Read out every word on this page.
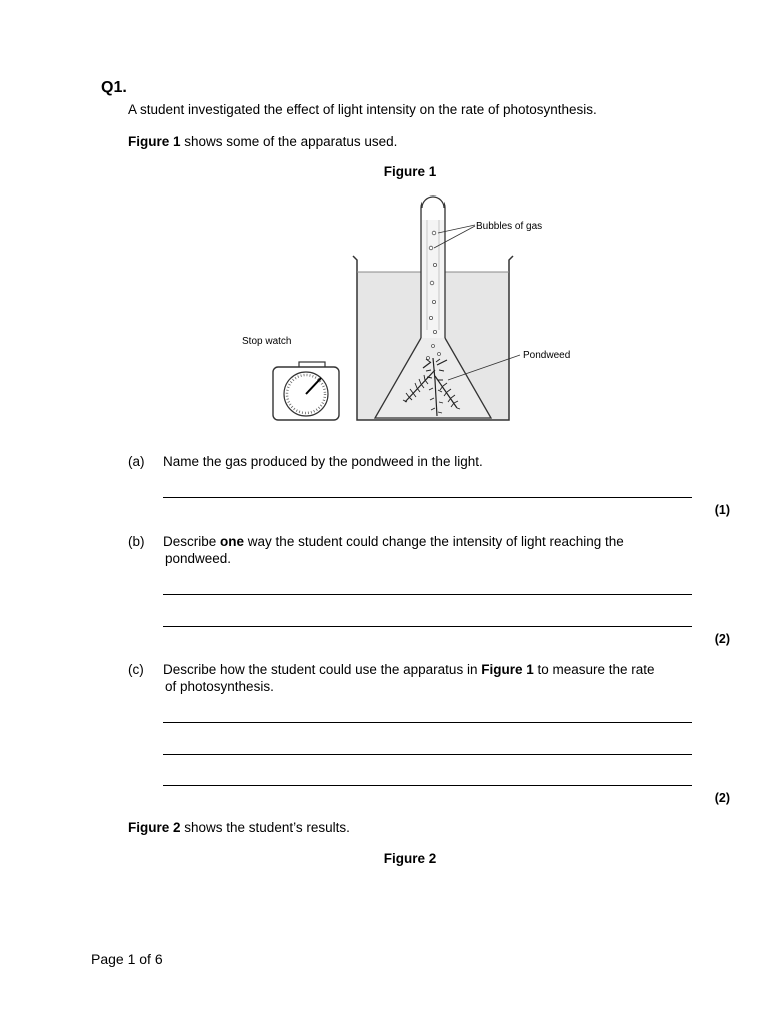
Q1.
A student investigated the effect of light intensity on the rate of photosynthesis.
Figure 1 shows some of the apparatus used.
Figure 1
Bubbles of gas
Stop watch
Pondweed
(a) Name the gas produced by the pondweed in the light.
(1)
(b) Describe one way the student could change the intensity of light reaching the
pondweed.
(2)
(c) Describe how the student could use the apparatus in Figure 1 to measure the rate
of photosynthesis.
(2)
Figure 2 shows the student’s results.
Figure 2
Page 1 of 6
